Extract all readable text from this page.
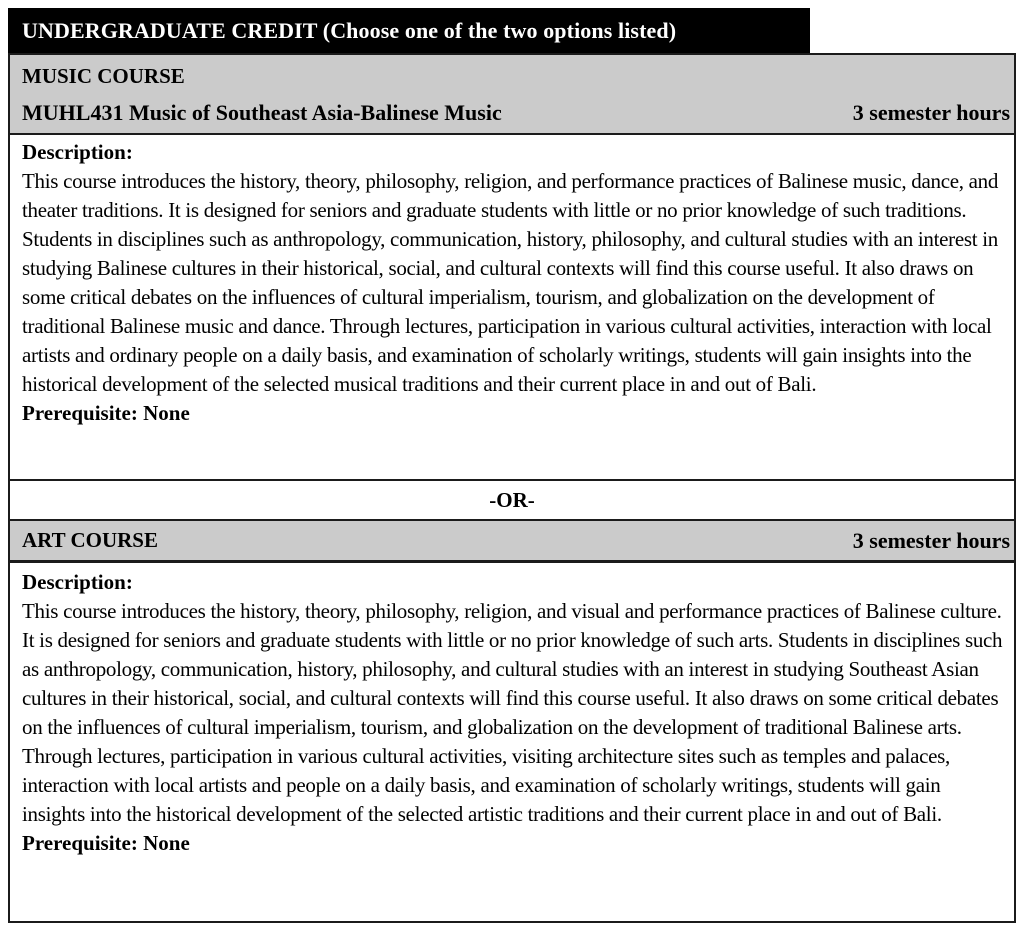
UNDERGRADUATE CREDIT (Choose one of the two options listed)
MUSIC COURSE
MUHL431 Music of Southeast Asia-Balinese Music	3 semester hours
Description:
This course introduces the history, theory, philosophy, religion, and performance practices of Balinese music, dance, and theater traditions. It is designed for seniors and graduate students with little or no prior knowledge of such traditions. Students in disciplines such as anthropology, communication, history, philosophy, and cultural studies with an interest in studying Balinese cultures in their historical, social, and cultural contexts will find this course useful. It also draws on some critical debates on the influences of cultural imperialism, tourism, and globalization on the development of traditional Balinese music and dance. Through lectures, participation in various cultural activities, interaction with local artists and ordinary people on a daily basis, and examination of scholarly writings, students will gain insights into the historical development of the selected musical traditions and their current place in and out of Bali.
Prerequisite: None
-OR-
ART COURSE	3 semester hours
Description:
This course introduces the history, theory, philosophy, religion, and visual and performance practices of Balinese culture. It is designed for seniors and graduate students with little or no prior knowledge of such arts. Students in disciplines such as anthropology, communication, history, philosophy, and cultural studies with an interest in studying Southeast Asian cultures in their historical, social, and cultural contexts will find this course useful. It also draws on some critical debates on the influences of cultural imperialism, tourism, and globalization on the development of traditional Balinese arts. Through lectures, participation in various cultural activities, visiting architecture sites such as temples and palaces, interaction with local artists and people on a daily basis, and examination of scholarly writings, students will gain insights into the historical development of the selected artistic traditions and their current place in and out of Bali.
Prerequisite: None
